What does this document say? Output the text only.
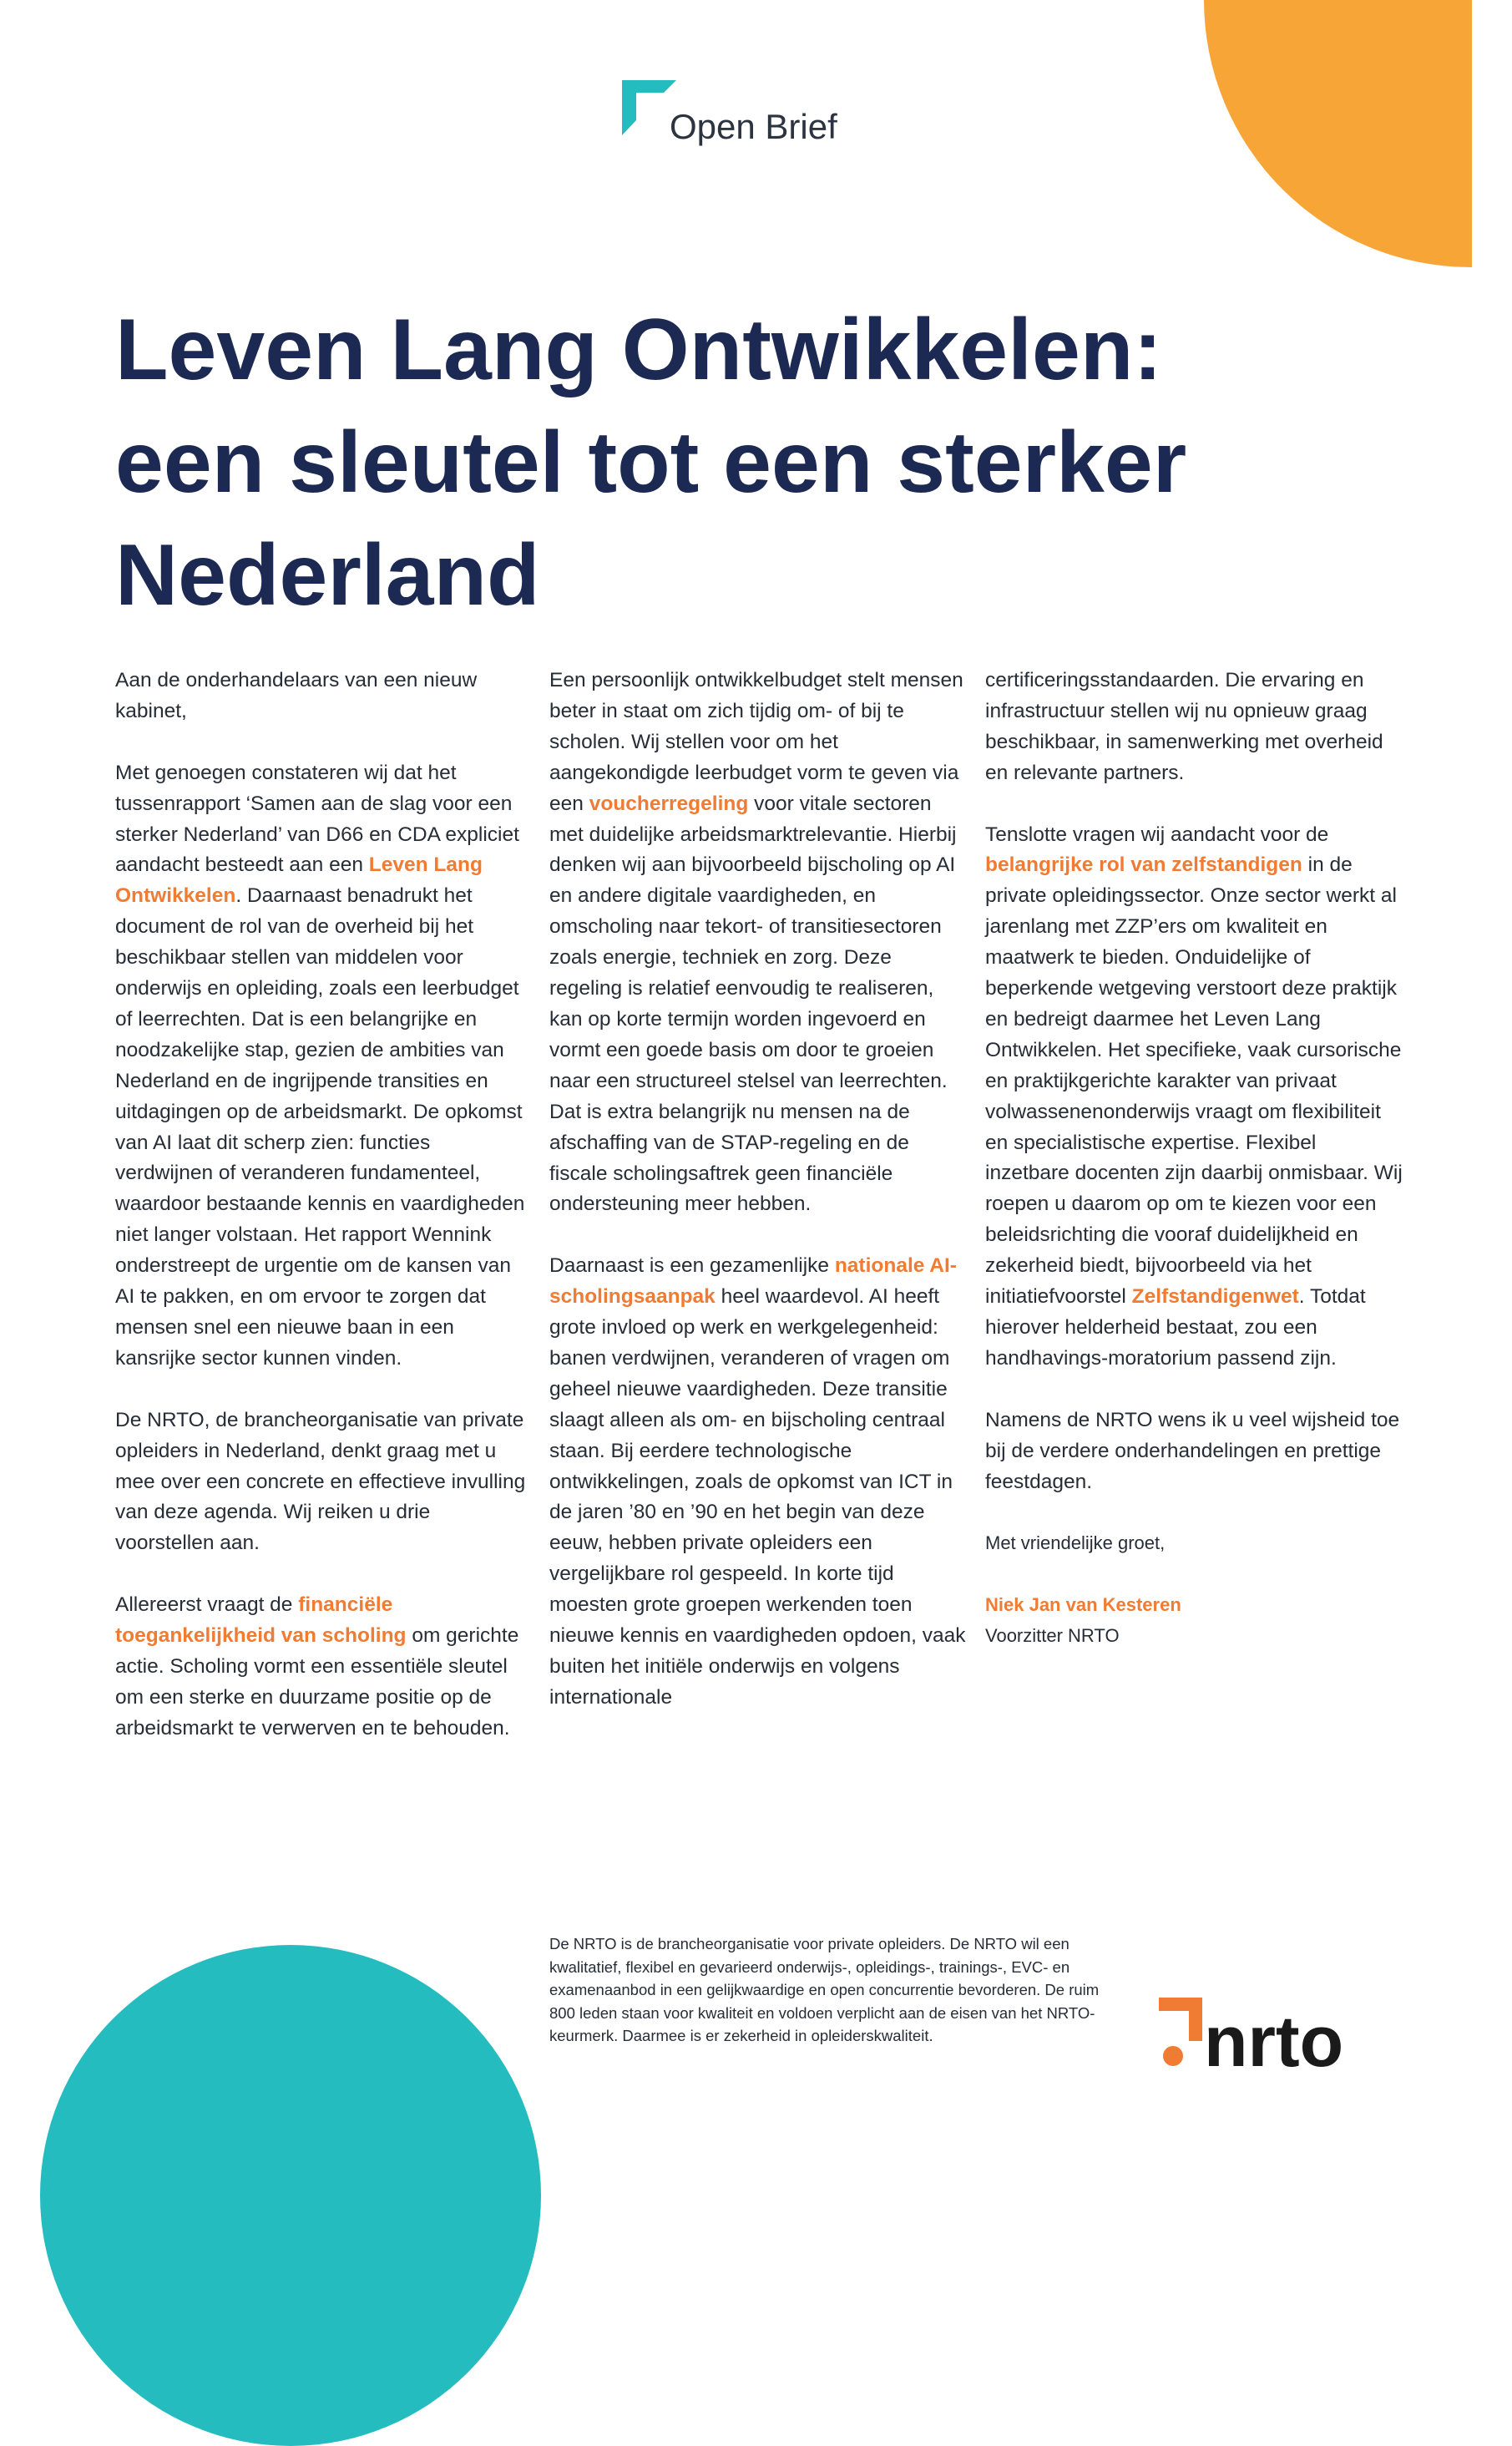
Open Brief
Leven Lang Ontwikkelen:
een sleutel tot een sterker
Nederland

Aan de onderhandelaars van een nieuw kabinet,

Met genoegen constateren wij dat het tussenrapport ‘Samen aan de slag voor een sterker Nederland’ van D66 en CDA expliciet aandacht besteedt aan een Leven Lang Ontwikkelen. Daarnaast benadrukt het document de rol van de overheid bij het beschikbaar stellen van middelen voor onderwijs en opleiding, zoals een leerbudget of leerrechten. Dat is een belangrijke en noodzakelijke stap, gezien de ambities van Nederland en de ingrijpende transities en uitdagingen op de arbeidsmarkt. De opkomst van AI laat dit scherp zien: functies verdwijnen of veranderen fundamenteel, waardoor bestaande kennis en vaardigheden niet langer volstaan. Het rapport Wennink onderstreept de urgentie om de kansen van AI te pakken, en om ervoor te zorgen dat mensen snel een nieuwe baan in een kansrijke sector kunnen vinden.

De NRTO, de brancheorganisatie van private opleiders in Nederland, denkt graag met u mee over een concrete en effectieve invulling van deze agenda. Wij reiken u drie voorstellen aan.

Allereerst vraagt de financiële toegankelijkheid van scholing om gerichte actie. Scholing vormt een essentiële sleutel om een sterke en duurzame positie op de arbeidsmarkt te verwerven en te behouden.

Een persoonlijk ontwikkelbudget stelt mensen beter in staat om zich tijdig om- of bij te scholen. Wij stellen voor om het aangekondigde leerbudget vorm te geven via een voucherregeling voor vitale sectoren met duidelijke arbeidsmarktrelevantie. Hierbij denken wij aan bijvoorbeeld bijscholing op AI en andere digitale vaardigheden, en omscholing naar tekort- of transitiesectoren zoals energie, techniek en zorg. Deze regeling is relatief eenvoudig te realiseren, kan op korte termijn worden ingevoerd en vormt een goede basis om door te groeien naar een structureel stelsel van leerrechten. Dat is extra belangrijk nu mensen na de afschaffing van de STAP-regeling en de fiscale scholingsaftrek geen financiële ondersteuning meer hebben.

Daarnaast is een gezamenlijke nationale AI-scholingsaanpak heel waardevol. AI heeft grote invloed op werk en werkgelegenheid: banen verdwijnen, veranderen of vragen om geheel nieuwe vaardigheden. Deze transitie slaagt alleen als om- en bijscholing centraal staan. Bij eerdere technologische ontwikkelingen, zoals de opkomst van ICT in de jaren ’80 en ’90 en het begin van deze eeuw, hebben private opleiders een vergelijkbare rol gespeeld. In korte tijd moesten grote groepen werkenden toen nieuwe kennis en vaardigheden opdoen, vaak buiten het initiële onderwijs en volgens internationale

certificeringsstandaarden. Die ervaring en infrastructuur stellen wij nu opnieuw graag beschikbaar, in samenwerking met overheid en relevante partners.

Tenslotte vragen wij aandacht voor de belangrijke rol van zelfstandigen in de private opleidingssector. Onze sector werkt al jarenlang met ZZP’ers om kwaliteit en maatwerk te bieden. Onduidelijke of beperkende wetgeving verstoort deze praktijk en bedreigt daarmee het Leven Lang Ontwikkelen. Het specifieke, vaak cursorische en praktijkgerichte karakter van privaat volwassenenonderwijs vraagt om flexibiliteit en specialistische expertise. Flexibel inzetbare docenten zijn daarbij onmisbaar. Wij roepen u daarom op om te kiezen voor een beleidsrichting die vooraf duidelijkheid en zekerheid biedt, bijvoorbeeld via het initiatiefvoorstel Zelfstandigenwet. Totdat hierover helderheid bestaat, zou een handhavings-moratorium passend zijn.

Namens de NRTO wens ik u veel wijsheid toe bij de verdere onderhandelingen en prettige feestdagen.

Met vriendelijke groet,

Niek Jan van Kesteren
Voorzitter NRTO
De NRTO is de brancheorganisatie voor private opleiders. De NRTO wil een kwalitatief, flexibel en gevarieerd onderwijs-, opleidings-, trainings-, EVC- en examenaanbod in een gelijkwaardige en open concurrentie bevorderen. De ruim 800 leden staan voor kwaliteit en voldoen verplicht aan de eisen van het NRTO-keurmerk. Daarmee is er zekerheid in opleiderskwaliteit.	nrto
